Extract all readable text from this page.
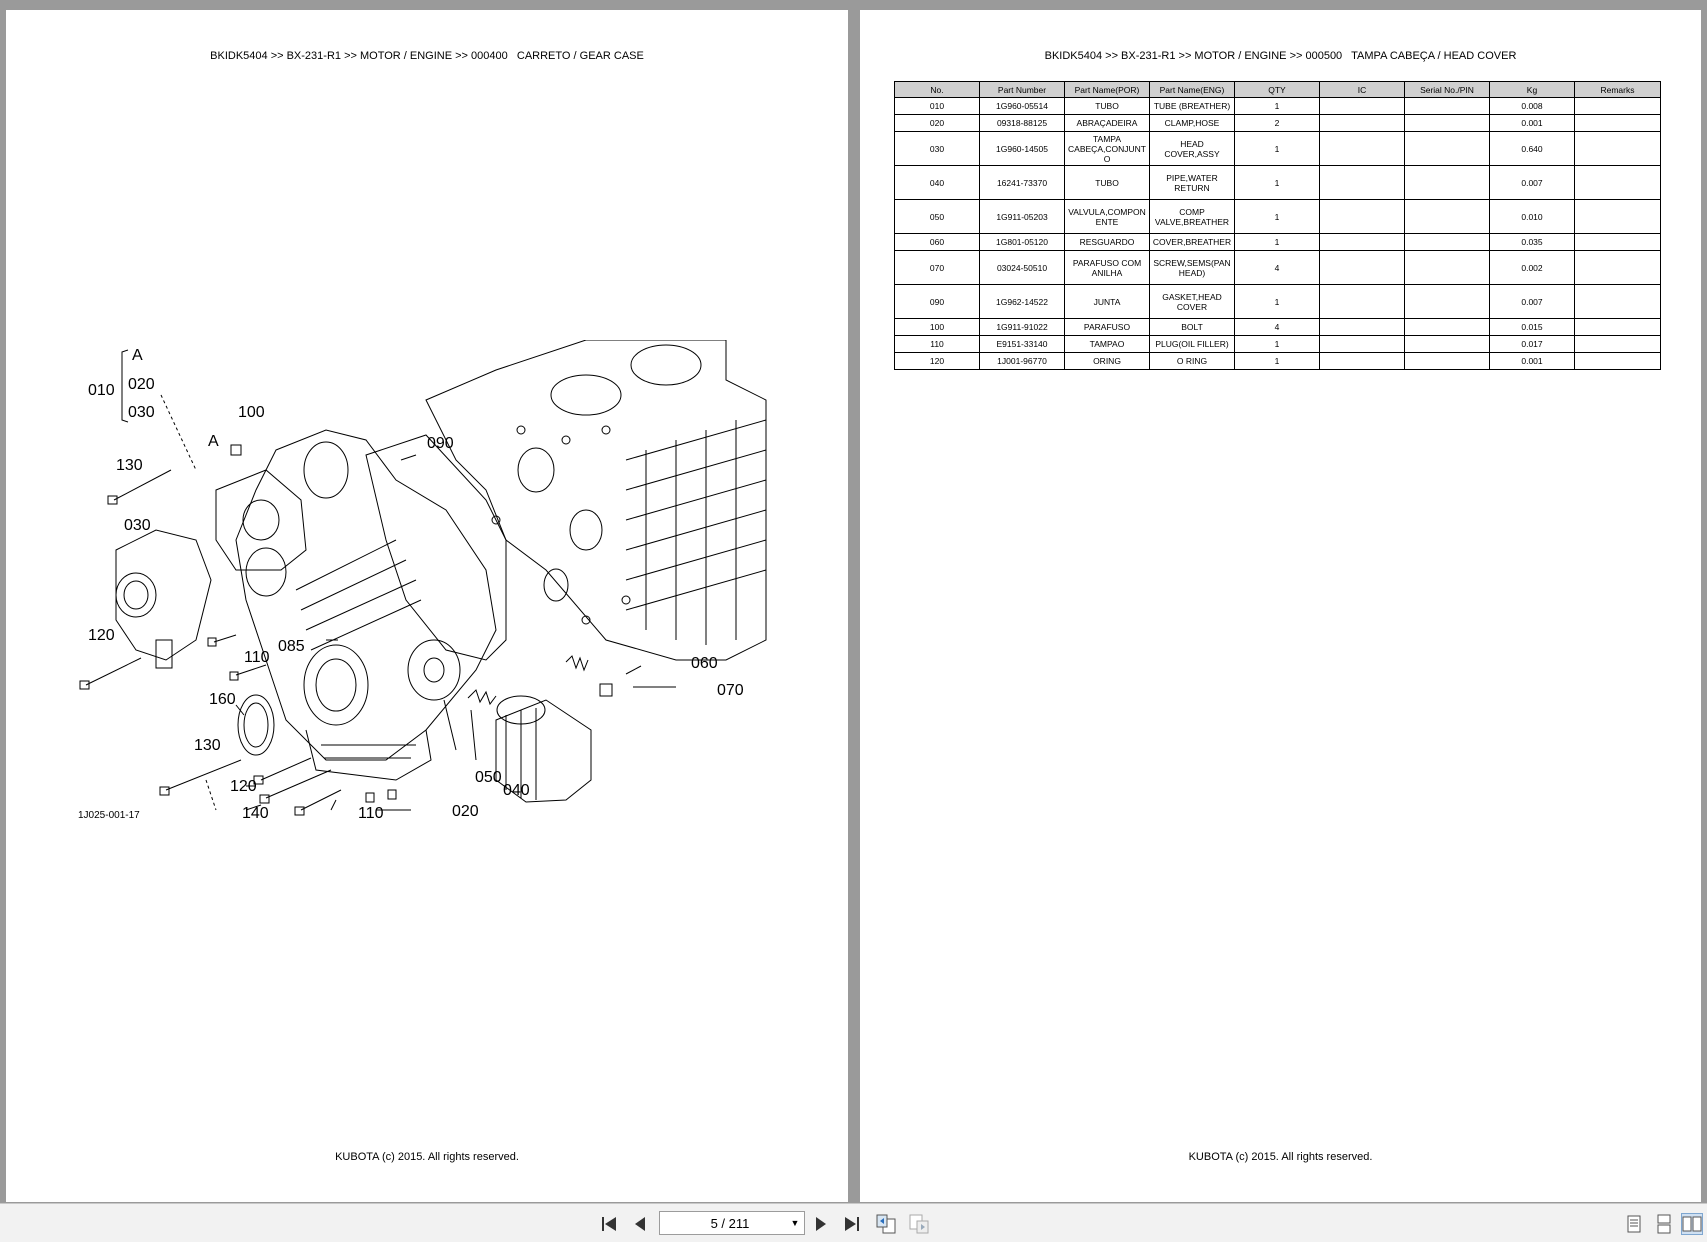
BKIDK5404 >> BX-231-R1 >> MOTOR / ENGINE >> 000400   CARRETO / GEAR CASE
A
010 020
030	100
A	090
130
030
120
085
110
160
130
120
140	110	020
050
040
060
070
1J025-001-17
KUBOTA (c) 2015. All rights reserved.
BKIDK5404 >> BX-231-R1 >> MOTOR / ENGINE >> 000500   TAMPA CABEÇA / HEAD COVER
No.	Part Number	Part Name(POR)	Part Name(ENG)	QTY	IC	Serial No./PIN	Kg	Remarks
010	1G960-05514	TUBO	TUBE (BREATHER)	1			0.008	
020	09318-88125	ABRAÇADEIRA	CLAMP,HOSE	2			0.001	
030	1G960-14505	TAMPA CABEÇA,CONJUNT O	HEAD COVER,ASSY	1			0.640	
040	16241-73370	TUBO	PIPE,WATER RETURN	1			0.007	
050	1G911-05203	VALVULA,COMPON ENTE	COMP VALVE,BREATHER	1			0.010	
060	1G801-05120	RESGUARDO	COVER,BREATHER	1			0.035	
070	03024-50510	PARAFUSO COM ANILHA	SCREW,SEMS(PAN HEAD)	4			0.002	
090	1G962-14522	JUNTA	GASKET,HEAD COVER	1			0.007	
100	1G911-91022	PARAFUSO	BOLT	4			0.015	
110	E9151-33140	TAMPAO	PLUG(OIL FILLER)	1			0.017	
120	1J001-96770	ORING	O RING	1			0.001	
KUBOTA (c) 2015. All rights reserved.
5 / 211	▼
